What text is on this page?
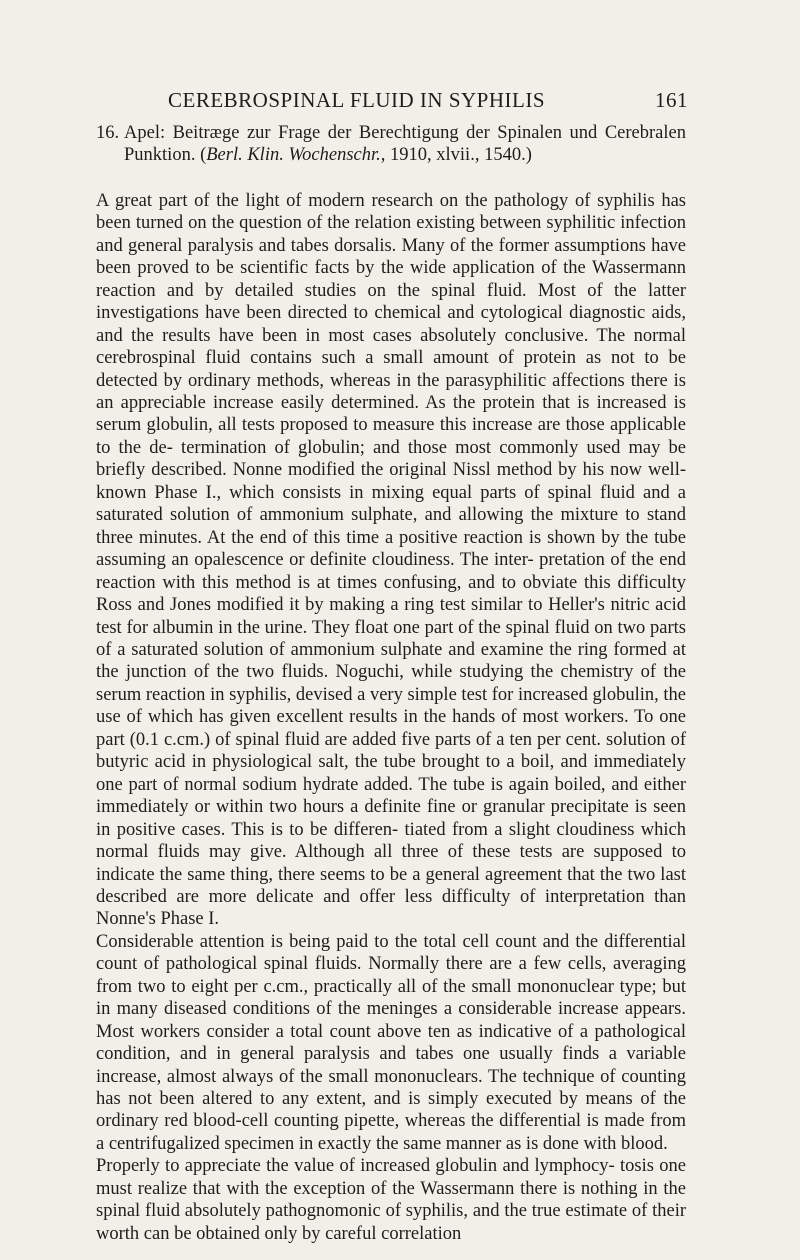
CEREBROSPINAL FLUID IN SYPHILIS	161

16. Apel: Beitræge zur Frage der Berechtigung der Spinalen und Cerebralen Punktion. (Berl. Klin. Wochenschr., 1910, xlvii., 1540.)

A great part of the light of modern research on the pathology of syphilis has been turned on the question of the relation existing between syphilitic infection and general paralysis and tabes dorsalis. Many of the former assumptions have been proved to be scientific facts by the wide application of the Wassermann reaction and by detailed studies on the spinal fluid. Most of the latter investigations have been directed to chemical and cytological diagnostic aids, and the results have been in most cases absolutely conclusive. The normal cerebrospinal fluid contains such a small amount of protein as not to be detected by ordinary methods, whereas in the parasyphilitic affections there is an appreciable increase easily determined. As the protein that is increased is serum globulin, all tests proposed to measure this increase are those applicable to the de- termination of globulin; and those most commonly used may be briefly described. Nonne modified the original Nissl method by his now well-known Phase I., which consists in mixing equal parts of spinal fluid and a saturated solution of ammonium sulphate, and allowing the mixture to stand three minutes. At the end of this time a positive reaction is shown by the tube assuming an opalescence or definite cloudiness. The inter- pretation of the end reaction with this method is at times confusing, and to obviate this difficulty Ross and Jones modified it by making a ring test similar to Heller's nitric acid test for albumin in the urine. They float one part of the spinal fluid on two parts of a saturated solution of ammonium sulphate and examine the ring formed at the junction of the two fluids. Noguchi, while studying the chemistry of the serum reaction in syphilis, devised a very simple test for increased globulin, the use of which has given excellent results in the hands of most workers. To one part (0.1 c.cm.) of spinal fluid are added five parts of a ten per cent. solution of butyric acid in physiological salt, the tube brought to a boil, and immediately one part of normal sodium hydrate added. The tube is again boiled, and either immediately or within two hours a definite fine or granular precipitate is seen in positive cases. This is to be differen- tiated from a slight cloudiness which normal fluids may give. Although all three of these tests are supposed to indicate the same thing, there seems to be a general agreement that the two last described are more delicate and offer less difficulty of interpretation than Nonne's Phase I.

Considerable attention is being paid to the total cell count and the differential count of pathological spinal fluids. Normally there are a few cells, averaging from two to eight per c.cm., practically all of the small mononuclear type; but in many diseased conditions of the meninges a considerable increase appears. Most workers consider a total count above ten as indicative of a pathological condition, and in general paralysis and tabes one usually finds a variable increase, almost always of the small mononuclears. The technique of counting has not been altered to any extent, and is simply executed by means of the ordinary red blood-cell counting pipette, whereas the differential is made from a centrifugalized specimen in exactly the same manner as is done with blood.

Properly to appreciate the value of increased globulin and lymphocy- tosis one must realize that with the exception of the Wassermann there is nothing in the spinal fluid absolutely pathognomonic of syphilis, and the true estimate of their worth can be obtained only by careful correlation
